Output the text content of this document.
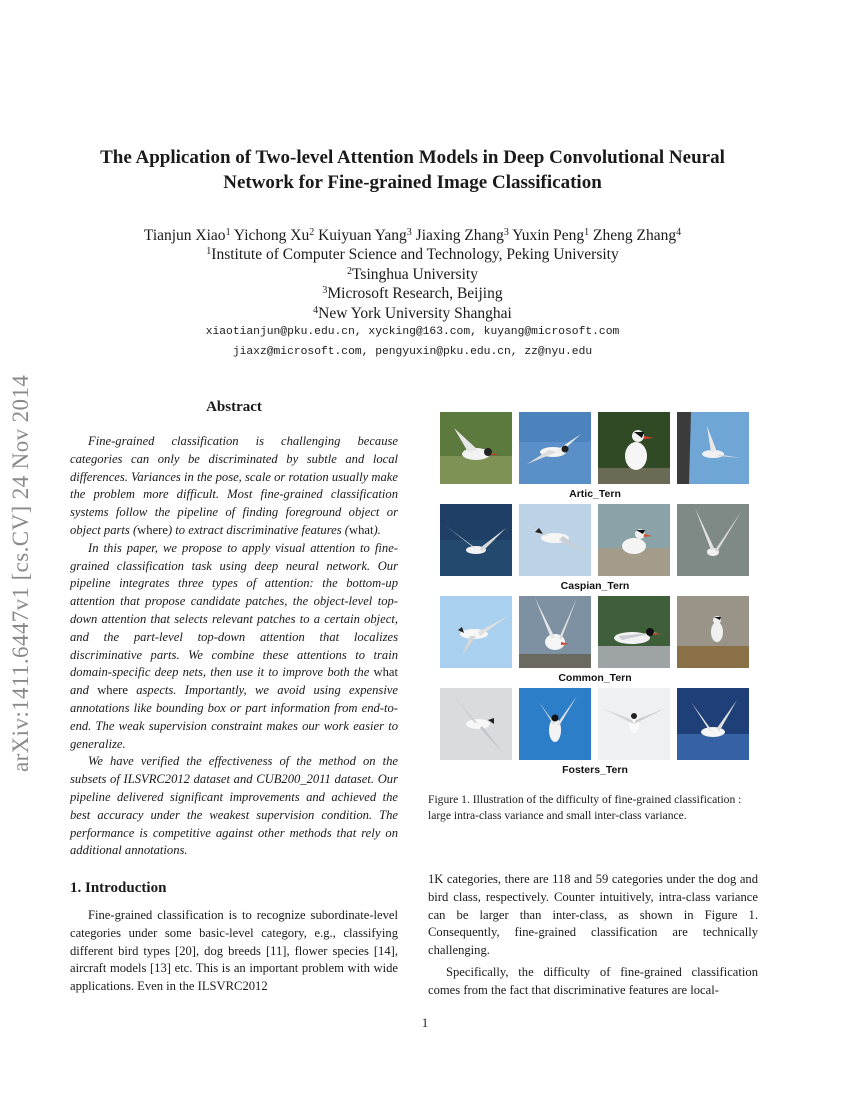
arXiv:1411.6447v1 [cs.CV] 24 Nov 2014
The Application of Two-level Attention Models in Deep Convolutional Neural
Network for Fine-grained Image Classification
Tianjun Xiao$^1$ Yichong Xu$^2$ Kuiyuan Yang$^3$ Jiaxing Zhang$^3$ Yuxin Peng$^1$ Zheng Zhang$^4$
$^1$Institute of Computer Science and Technology, Peking University
$^2$Tsinghua University
$^3$Microsoft Research, Beijing
$^4$New York University Shanghai
xiaotianjun@pku.edu.cn, xycking@163.com, kuyang@microsoft.com
jiaxz@microsoft.com, pengyuxin@pku.edu.cn, zz@nyu.edu
Abstract

Fine-grained classification is challenging because categories can only be discriminated by subtle and local differences. Variances in the pose, scale or rotation usually make the problem more difficult. Most fine-grained classification systems follow the pipeline of finding foreground object or object parts (where) to extract discriminative features (what).

In this paper, we propose to apply visual attention to fine-grained classification task using deep neural network. Our pipeline integrates three types of attention: the bottom-up attention that propose candidate patches, the object-level top-down attention that selects relevant patches to a certain object, and the part-level top-down attention that localizes discriminative parts. We combine these attentions to train domain-specific deep nets, then use it to improve both the what and where aspects. Importantly, we avoid using expensive annotations like bounding box or part information from end-to-end. The weak supervision constraint makes our work easier to generalize.

We have verified the effectiveness of the method on the subsets of ILSVRC2012 dataset and CUB200_2011 dataset. Our pipeline delivered significant improvements and achieved the best accuracy under the weakest supervision condition. The performance is competitive against other methods that rely on additional annotations.

1. Introduction

Fine-grained classification is to recognize subordinate-level categories under some basic-level category, e.g., classifying different bird types [20], dog breeds [11], flower species [14], aircraft models [13] etc. This is an important problem with wide applications. Even in the ILSVRC2012

1K categories, there are 118 and 59 categories under the dog and bird class, respectively. Counter intuitively, intra-class variance can be larger than inter-class, as shown in Figure 1. Consequently, fine-grained classification are technically challenging.

Specifically, the difficulty of fine-grained classification comes from the fact that discriminative features are local-

Artic_Tern
Caspian_Tern
Common_Tern
Fosters_Tern
Figure 1. Illustration of the difficulty of fine-grained classification : large intra-class variance and small inter-class variance.
1
